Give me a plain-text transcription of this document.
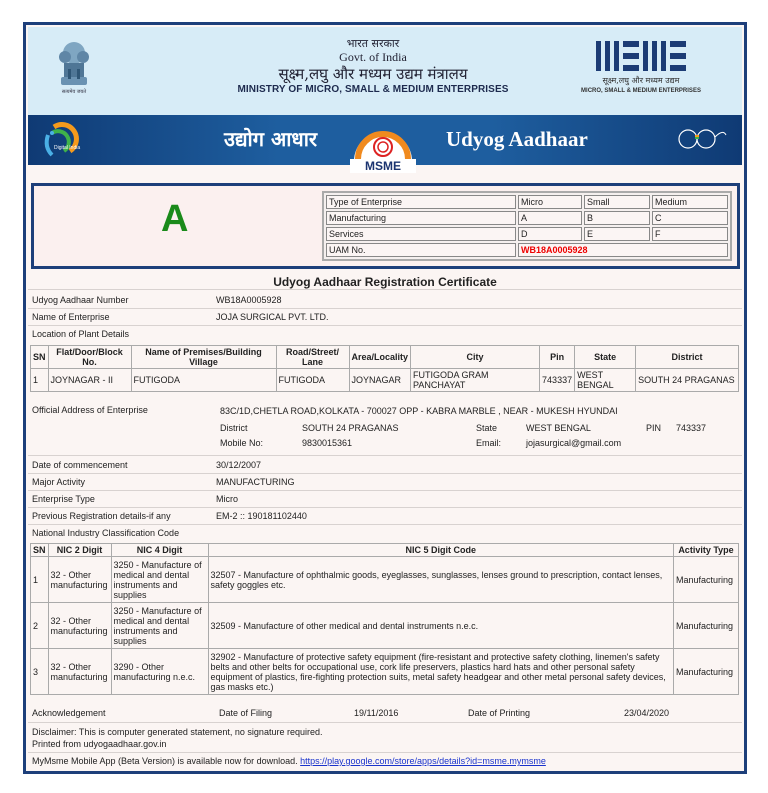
सत्यमेव जयते
भारत सरकार
Govt. of India
सूक्ष्म,लघु और मध्यम उद्यम मंत्रालय
MINISTRY OF MICRO, SMALL & MEDIUM ENTERPRISES
सूक्ष्म,लघु और मध्यम उद्यम
MICRO, SMALL & MEDIUM ENTERPRISES
Digital India	उद्योग आधार
MSME
Udyog Aadhaar
A	Type of Enterprise	Micro	Small	Medium
Manufacturing	A	B	C
Services	D	E	F
UAM No.	WB18A0005928		
Udyog Aadhaar Registration Certificate
Udyog Aadhaar Number	WB18A0005928
Name of Enterprise	JOJA SURGICAL PVT. LTD.
Location of Plant Details
SN	Flat/Door/Block No.	Name of Premises/Building Village	Road/Street/ Lane	Area/Locality	City	Pin	State	District
1	JOYNAGAR - II	FUTIGODA	FUTIGODA	JOYNAGAR	FUTIGODA GRAM PANCHAYAT	743337	WEST BENGAL	SOUTH 24 PRAGANAS
Official Address of Enterprise	83C/1D,CHETLA ROAD,KOLKATA - 700027 OPP - KABRA MARBLE , NEAR - MUKESH HYUNDAI
District	SOUTH 24 PRAGANAS	State	WEST BENGAL	PIN 743337
Mobile No:	9830015361	Email:	jojasurgical@gmail.com
Date of commencement	30/12/2007
Major Activity	MANUFACTURING
Enterprise Type	Micro
Previous Registration details-if any	EM-2 :: 190181102440
National Industry Classification Code
SN	NIC 2 Digit	NIC 4 Digit	NIC 5 Digit Code	Activity Type
1	32 - Other manufacturing	3250 - Manufacture of medical and dental instruments and supplies	32507 - Manufacture of ophthalmic goods, eyeglasses, sunglasses, lenses ground to prescription, contact lenses, safety goggles etc.	Manufacturing
2	32 - Other manufacturing	3250 - Manufacture of medical and dental instruments and supplies	32509 - Manufacture of other medical and dental instruments n.e.c.	Manufacturing
3	32 - Other manufacturing	3290 - Other manufacturing n.e.c.	32902 - Manufacture of protective safety equipment (fire-resistant and protective safety clothing, linemen's safety belts and other belts for occupational use, cork life preservers, plastics hard hats and other personal safety equipment of plastics, fire-fighting protection suits, metal safety headgear and other metal personal safety devices, gas masks etc.)	Manufacturing
Acknowledgement	Date of Filing	19/11/2016	Date of Printing	23/04/2020
Disclaimer: This is computer generated statement, no signature required.
Printed from udyogaadhaar.gov.in
MyMsme Mobile App (Beta Version) is available now for download. https://play.google.com/store/apps/details?id=msme.mymsme
